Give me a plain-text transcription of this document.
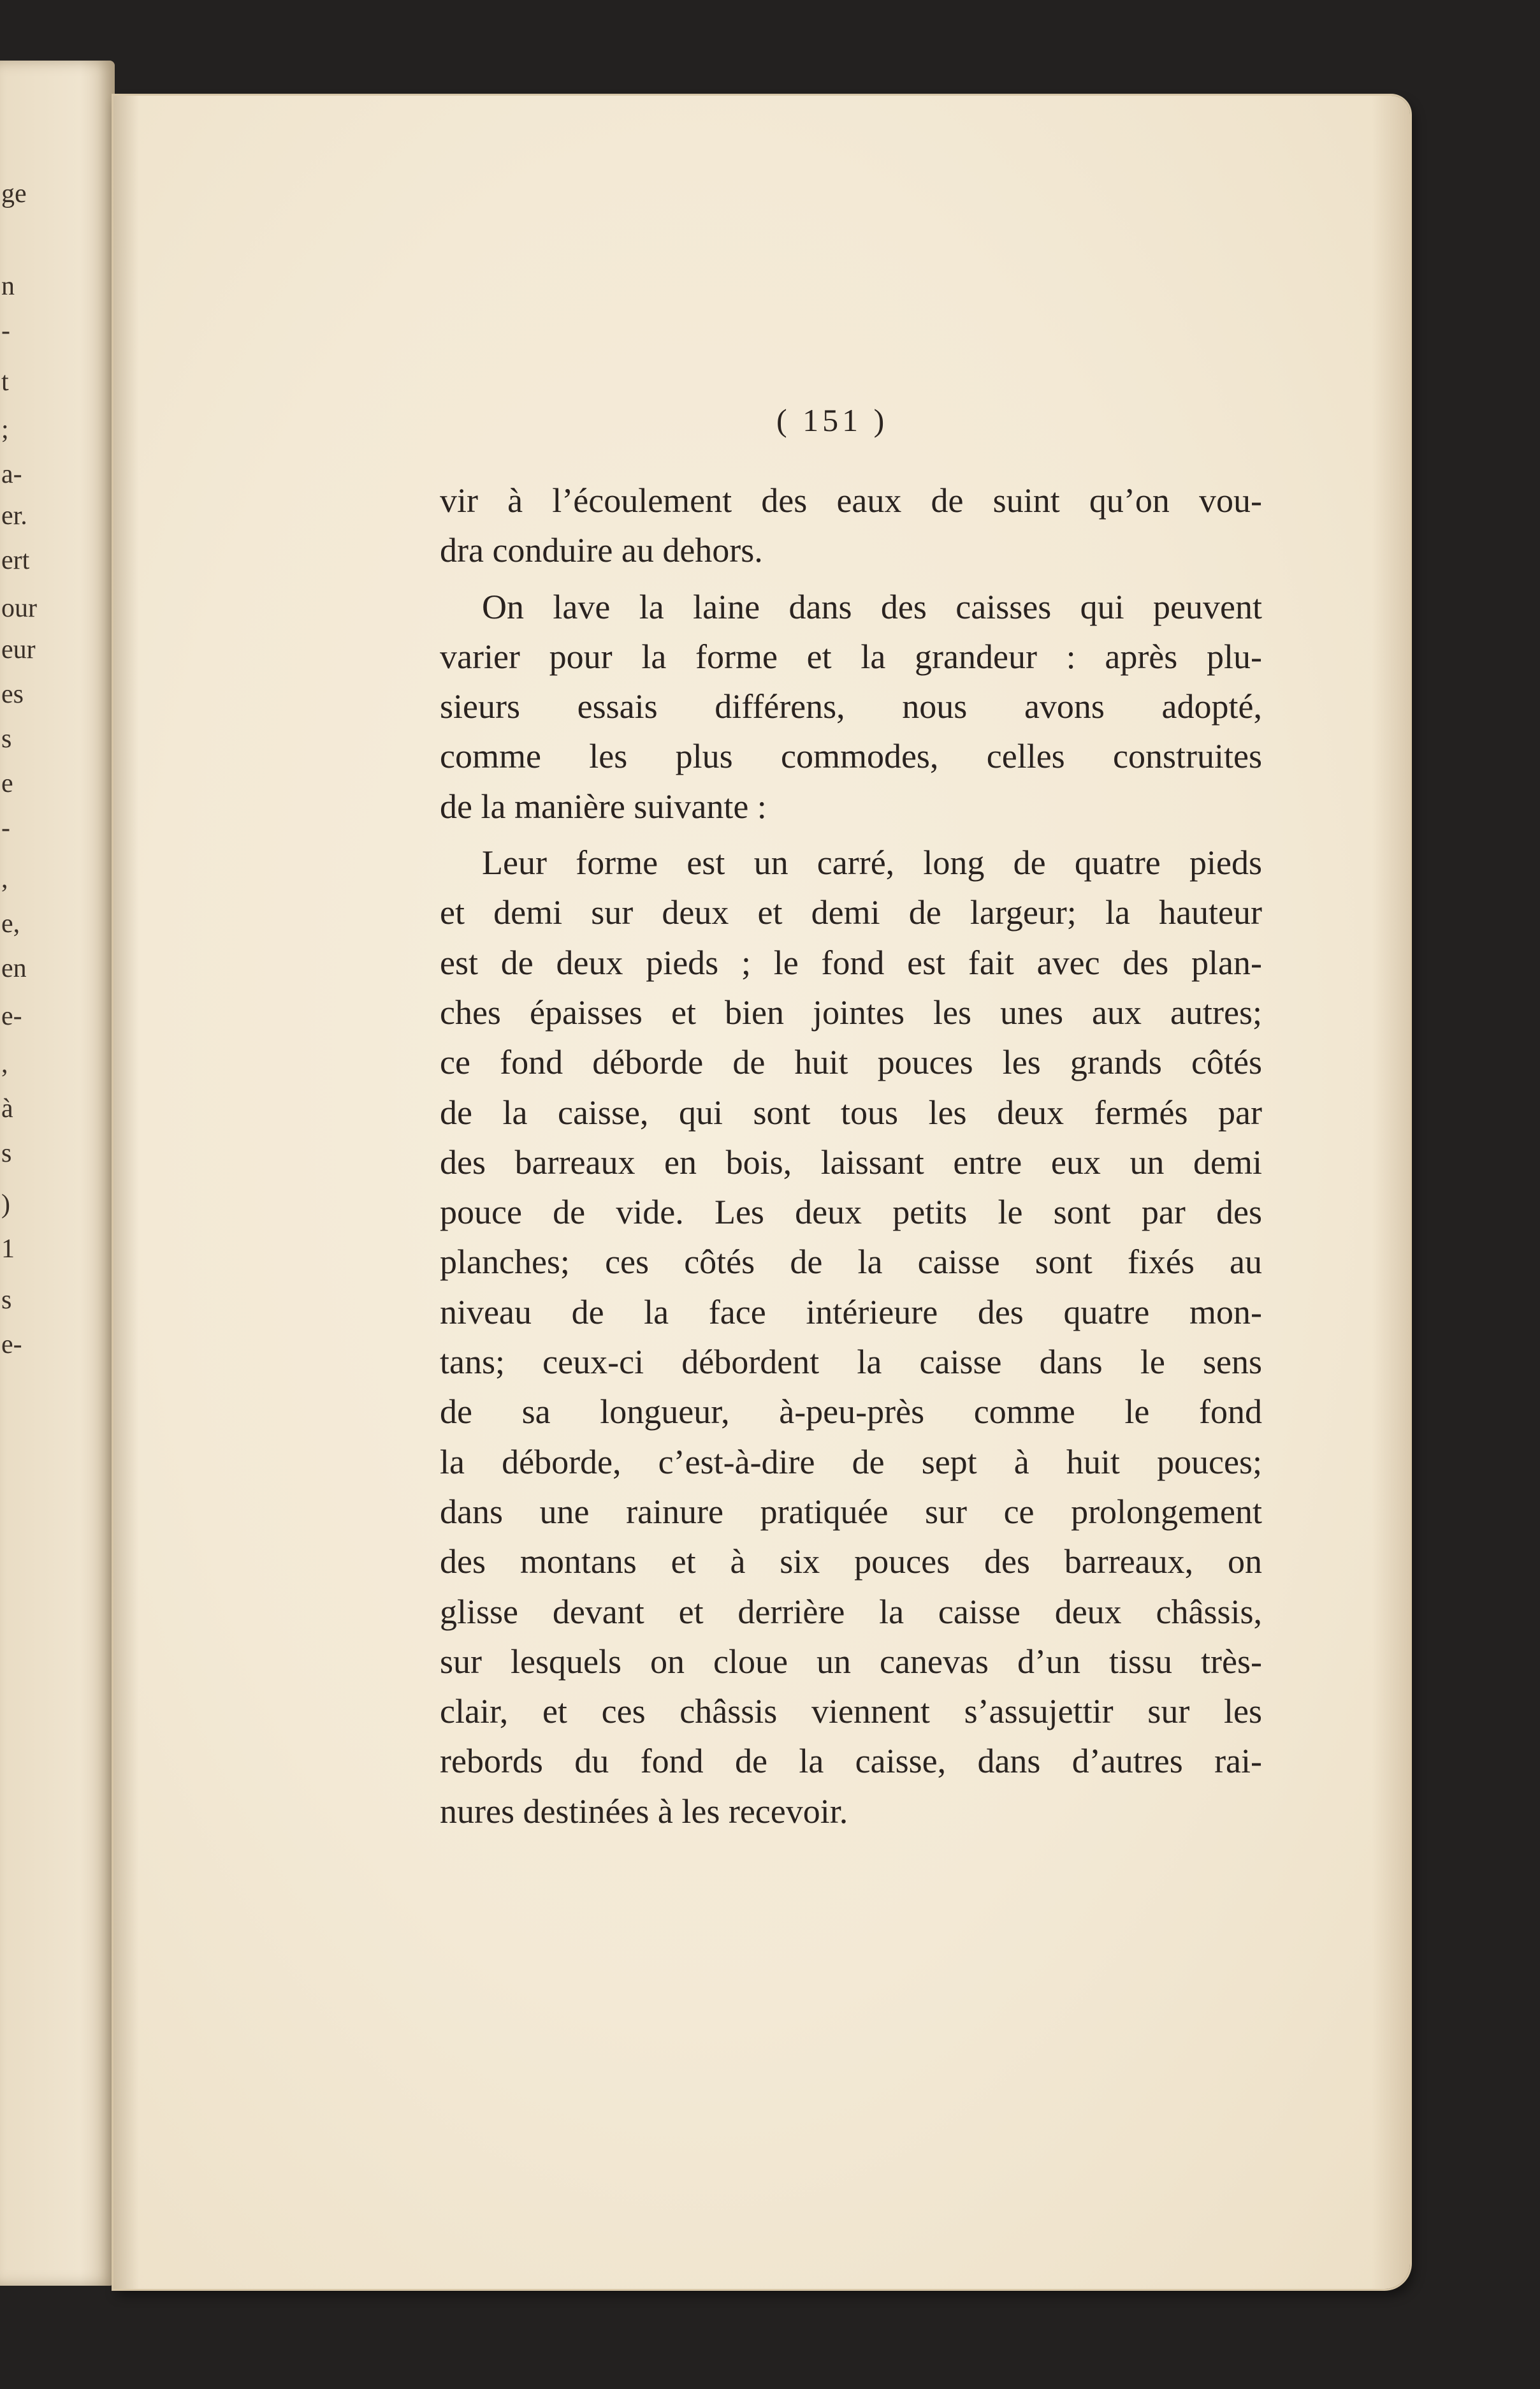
ge
n
-
t
;
a-
er.
ert
our
eur
es
s
e
-
,
e,
en
e-
,
à
s
)
1
s
e-
( 151 )
vir à l’écoulement des eaux de suint qu’on vou-
dra conduire au dehors.
On lave la laine dans des caisses qui peuvent
varier pour la forme et la grandeur : après plu-
sieurs essais différens, nous avons adopté,
comme les plus commodes, celles construites
de la manière suivante :
Leur forme est un carré, long de quatre pieds
et demi sur deux et demi de largeur; la hauteur
est de deux pieds ; le fond est fait avec des plan-
ches épaisses et bien jointes les unes aux autres;
ce fond déborde de huit pouces les grands côtés
de la caisse, qui sont tous les deux fermés par
des barreaux en bois, laissant entre eux un demi
pouce de vide. Les deux petits le sont par des
planches; ces côtés de la caisse sont fixés au
niveau de la face intérieure des quatre mon-
tans; ceux-ci débordent la caisse dans le sens
de sa longueur, à-peu-près comme le fond
la déborde, c’est-à-dire de sept à huit pouces;
dans une rainure pratiquée sur ce prolongement
des montans et à six pouces des barreaux, on
glisse devant et derrière la caisse deux châssis,
sur lesquels on cloue un canevas d’un tissu très-
clair, et ces châssis viennent s’assujettir sur les
rebords du fond de la caisse, dans d’autres rai-
nures destinées à les recevoir.
